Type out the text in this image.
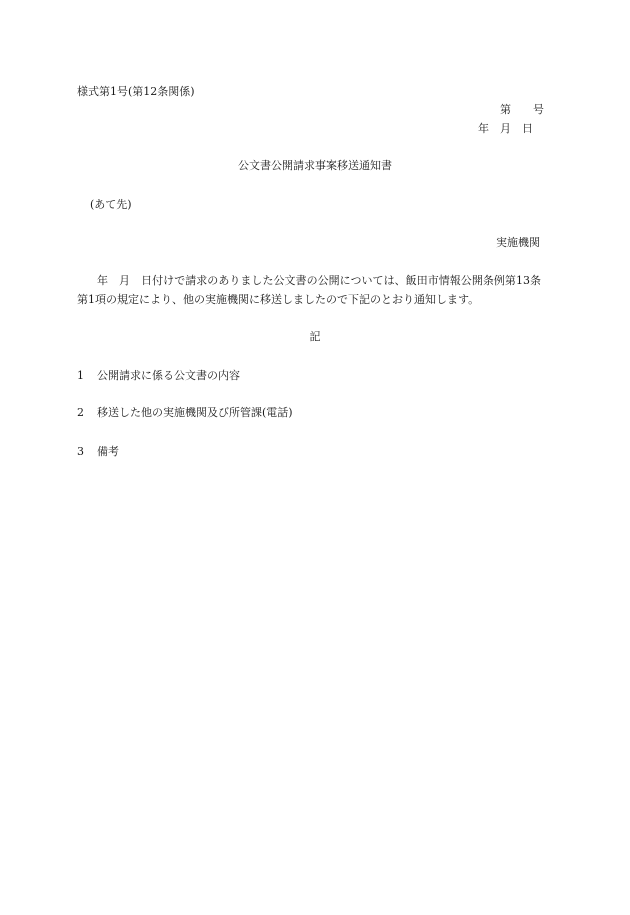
様式第1号(第12条関係)
第 号
年 月 日
公文書公開請求事案移送通知書
(あて先)
実施機関
年　月　日付けで請求のありました公文書の公開については、飯田市情報公開条例第13条第1項の規定により、他の実施機関に移送しましたので下記のとおり通知します。
記
1 公開請求に係る公文書の内容
2 移送した他の実施機関及び所管課(電話)
3 備考
